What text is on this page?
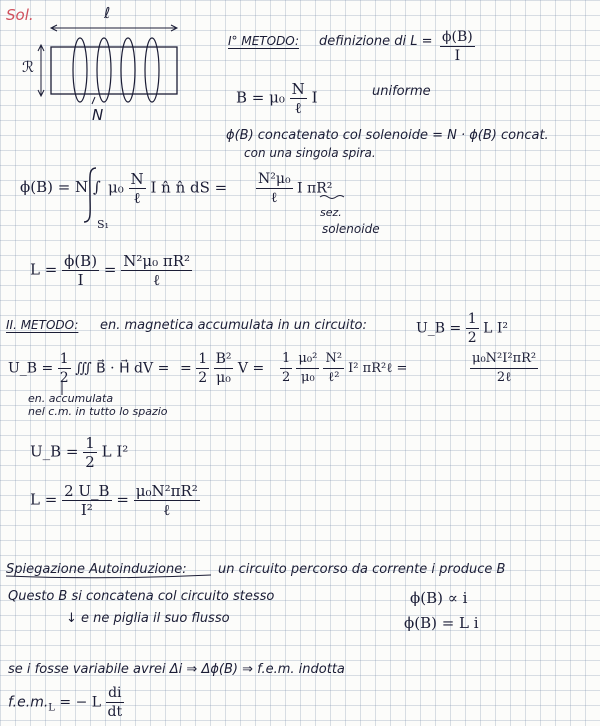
Sol.	ℓ
ℛ
N
I° METODO: definizione di $L = \frac{\phi(B)}{I}$
$B = \mu_0 \frac{N}{\text{ℓ}}$ I	uniforme
ϕ(B) concatenato col solenoide = N · ϕ(B) concat.
con una singola spira.
ϕ(B) = N ∫
S₁
$\mu_0 \frac{N}{\text{ℓ}}$ I n̂ n̂ dS = $\frac{\text{N²μ₀}}{\text{ℓ}}$ I πR²
sez.
solenoide
$L = \frac{\phi(B)}{I} = \frac{\text{N²μ₀ πR²}}{\text{ℓ}}$
II. METODO: en. magnetica accumulata in un circuito:	U_B = $\frac{1}{2}$ L I²
U_B = $\frac{1}{2}$ ∭ B⃗ · H⃗ dV = = $\frac{1}{2}$
$\frac{\text{B²}}{\text{μ₀}}$ $V = \frac{1}{2}$
$\frac{\text{μ₀²}}{\text{μ₀}}$
$\frac{\text{N²}}{\text{ℓ²}} I^2$ πR²ℓ =	$\frac{\text{μ₀N²I²πR²}}{\text{2ℓ}}$
en. accumulata
nel c.m. in tutto lo spazio
U_B = $\frac{1}{2}$ L I²
$L = \frac{2 U\_B}{\text{I²}} = \frac{\text{μ₀N²πR²}}{\text{ℓ}}$
Spiegazione Autoinduzione: un circuito percorso da corrente i produce B
Questo B si concatena col circuito stesso	ϕ(B) ∝ i
↓ e ne piglia il suo flusso	ϕ(B) = L i
se i fosse variabile avrei Δi ⇒ Δϕ(B) ⇒ f.e.m. indotta
$f.e.m._L$ = − L $\frac{di}{dt}$
